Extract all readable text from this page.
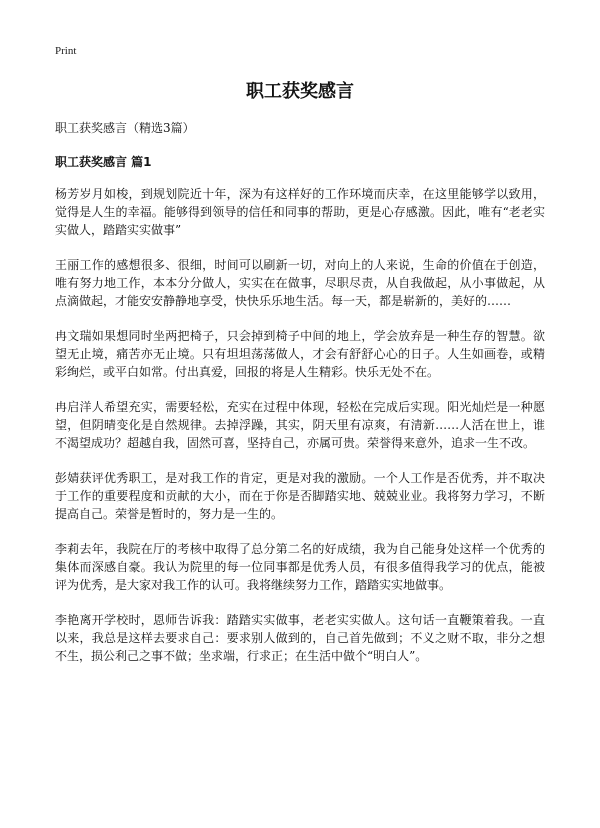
Print
职工获奖感言
职工获奖感言（精选3篇）
职工获奖感言 篇1

杨芳岁月如梭，到规划院近十年，深为有这样好的工作环境而庆幸，在这里能够学以致用，觉得是人生的幸福。能够得到领导的信任和同事的帮助，更是心存感激。因此，唯有“老老实实做人，踏踏实实做事”

王丽工作的感想很多、很细，时间可以刷新一切，对向上的人来说，生命的价值在于创造，唯有努力地工作，本本分分做人，实实在在做事，尽职尽责，从自我做起，从小事做起，从点滴做起，才能安安静静地享受，快快乐乐地生活。每一天，都是崭新的，美好的……

冉文瑞如果想同时坐两把椅子，只会掉到椅子中间的地上，学会放弃是一种生存的智慧。欲望无止境，痛苦亦无止境。只有坦坦荡荡做人，才会有舒舒心心的日子。人生如画卷，或精彩绚烂，或平白如常。付出真爱，回报的将是人生精彩。快乐无处不在。

冉启洋人希望充实，需要轻松，充实在过程中体现，轻松在完成后实现。阳光灿烂是一种愿望，但阴晴变化是自然规律。去掉浮躁，其实，阴天里有凉爽，有清新……人活在世上，谁不渴望成功？超越自我，固然可喜，坚持自己，亦属可贵。荣誉得来意外，追求一生不改。

彭婧获评优秀职工，是对我工作的肯定，更是对我的激励。一个人工作是否优秀，并不取决于工作的重要程度和贡献的大小，而在于你是否脚踏实地、兢兢业业。我将努力学习，不断提高自己。荣誉是暂时的，努力是一生的。

李莉去年，我院在厅的考核中取得了总分第二名的好成绩，我为自己能身处这样一个优秀的集体而深感自豪。我认为院里的每一位同事都是优秀人员，有很多值得我学习的优点，能被评为优秀，是大家对我工作的认可。我将继续努力工作，踏踏实实地做事。

李艳离开学校时，恩师告诉我：踏踏实实做事，老老实实做人。这句话一直鞭策着我。一直以来，我总是这样去要求自己：要求别人做到的，自己首先做到；不义之财不取，非分之想不生，损公利己之事不做；坐求端，行求正；在生活中做个“明白人”。
